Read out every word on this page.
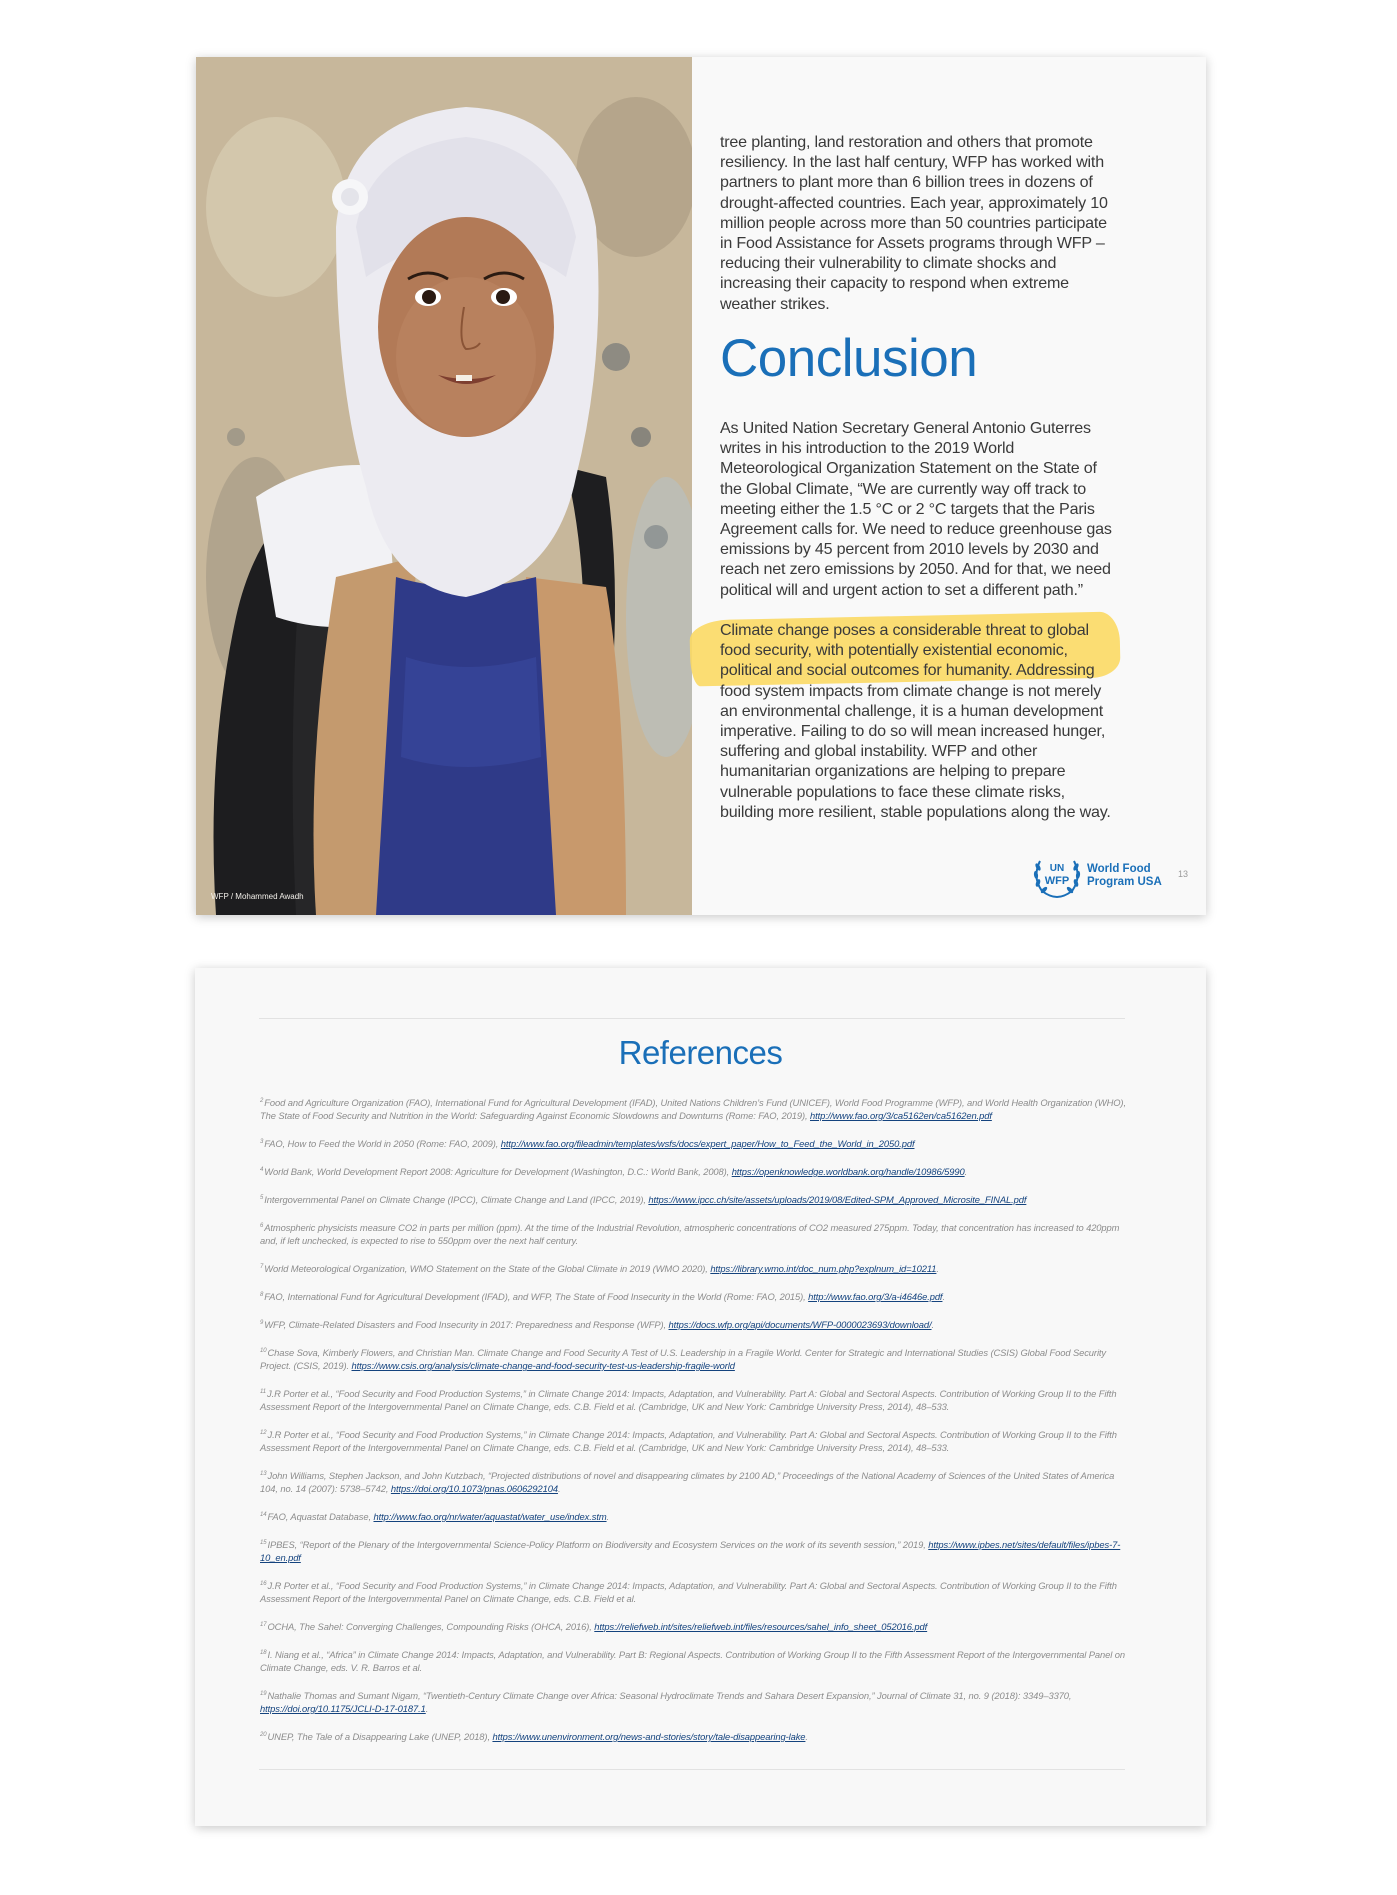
WFP / Mohammed Awadh

tree planting, land restoration and others that promote resiliency. In the last half century, WFP has worked with partners to plant more than 6 billion trees in dozens of drought-affected countries. Each year, approximately 10 million people across more than 50 countries participate in Food Assistance for Assets programs through WFP – reducing their vulnerability to climate shocks and increasing their capacity to respond when extreme weather strikes.

Conclusion

As United Nation Secretary General Antonio Guterres writes in his introduction to the 2019 World Meteorological Organization Statement on the State of the Global Climate, “We are currently way off track to meeting either the 1.5 °C or 2 °C targets that the Paris Agreement calls for. We need to reduce greenhouse gas emissions by 45 percent from 2010 levels by 2030 and reach net zero emissions by 2050. And for that, we need political will and urgent action to set a different path.”

Climate change poses a considerable threat to global food security, with potentially existential economic, political and social outcomes for humanity. Addressing food system impacts from climate change is not merely an environmental challenge, it is a human development imperative. Failing to do so will mean increased hunger, suffering and global instability. WFP and other humanitarian organizations are helping to prepare vulnerable populations to face these climate risks, building more resilient, stable populations along the way.

UN
WFP
World Food
Program USA
13
References
$^2$Food and Agriculture Organization (FAO), International Fund for Agricultural Development (IFAD), United Nations Children’s Fund (UNICEF), World Food Programme (WFP), and World Health Organization (WHO), The State of Food Security and Nutrition in the World: Safeguarding Against Economic Slowdowns and Downturns (Rome: FAO, 2019), http://www.fao.org/3/ca5162en/ca5162en.pdf
$^3$FAO, How to Feed the World in 2050 (Rome: FAO, 2009), http://www.fao.org/fileadmin/templates/wsfs/docs/expert_paper/How_to_Feed_the_World_in_2050.pdf
$^4$World Bank, World Development Report 2008: Agriculture for Development (Washington, D.C.: World Bank, 2008), https://openknowledge.worldbank.org/handle/10986/5990.
$^5$Intergovernmental Panel on Climate Change (IPCC), Climate Change and Land (IPCC, 2019), https://www.ipcc.ch/site/assets/uploads/2019/08/Edited-SPM_Approved_Microsite_FINAL.pdf
$^6$Atmospheric physicists measure CO2 in parts per million (ppm). At the time of the Industrial Revolution, atmospheric concentrations of CO2 measured 275ppm. Today, that concentration has increased to 420ppm and, if left unchecked, is expected to rise to 550ppm over the next half century.
$^7$World Meteorological Organization, WMO Statement on the State of the Global Climate in 2019 (WMO 2020), https://library.wmo.int/doc_num.php?explnum_id=10211.
$^8$FAO, International Fund for Agricultural Development (IFAD), and WFP, The State of Food Insecurity in the World (Rome: FAO, 2015), http://www.fao.org/3/a-i4646e.pdf.
$^9$WFP, Climate-Related Disasters and Food Insecurity in 2017: Preparedness and Response (WFP), https://docs.wfp.org/api/documents/WFP-0000023693/download/.
$^{10}$Chase Sova, Kimberly Flowers, and Christian Man. Climate Change and Food Security A Test of U.S. Leadership in a Fragile World. Center for Strategic and International Studies (CSIS) Global Food Security Project. (CSIS, 2019). https://www.csis.org/analysis/climate-change-and-food-security-test-us-leadership-fragile-world
$^{11}$J.R Porter et al., “Food Security and Food Production Systems,” in Climate Change 2014: Impacts, Adaptation, and Vulnerability. Part A: Global and Sectoral Aspects. Contribution of Working Group II to the Fifth Assessment Report of the Intergovernmental Panel on Climate Change, eds. C.B. Field et al. (Cambridge, UK and New York: Cambridge University Press, 2014), 48–533.
$^{12}$J.R Porter et al., “Food Security and Food Production Systems,” in Climate Change 2014: Impacts, Adaptation, and Vulnerability. Part A: Global and Sectoral Aspects. Contribution of Working Group II to the Fifth Assessment Report of the Intergovernmental Panel on Climate Change, eds. C.B. Field et al. (Cambridge, UK and New York: Cambridge University Press, 2014), 48–533.
$^{13}$John Williams, Stephen Jackson, and John Kutzbach, “Projected distributions of novel and disappearing climates by 2100 AD,” Proceedings of the National Academy of Sciences of the United States of America 104, no. 14 (2007): 5738–5742, https://doi.org/10.1073/pnas.0606292104.
$^{14}$FAO, Aquastat Database, http://www.fao.org/nr/water/aquastat/water_use/index.stm.
$^{15}$IPBES, “Report of the Plenary of the Intergovernmental Science-Policy Platform on Biodiversity and Ecosystem Services on the work of its seventh session,” 2019, https://www.ipbes.net/sites/default/files/ipbes-7-10_en.pdf
$^{16}$J.R Porter et al., “Food Security and Food Production Systems,” in Climate Change 2014: Impacts, Adaptation, and Vulnerability. Part A: Global and Sectoral Aspects. Contribution of Working Group II to the Fifth Assessment Report of the Intergovernmental Panel on Climate Change, eds. C.B. Field et al.
$^{17}$OCHA, The Sahel: Converging Challenges, Compounding Risks (OHCA, 2016), https://reliefweb.int/sites/reliefweb.int/files/resources/sahel_info_sheet_052016.pdf
$^{18}$I. Niang et al., “Africa” in Climate Change 2014: Impacts, Adaptation, and Vulnerability. Part B: Regional Aspects. Contribution of Working Group II to the Fifth Assessment Report of the Intergovernmental Panel on Climate Change, eds. V. R. Barros et al.
$^{19}$Nathalie Thomas and Sumant Nigam, “Twentieth-Century Climate Change over Africa: Seasonal Hydroclimate Trends and Sahara Desert Expansion,” Journal of Climate 31, no. 9 (2018): 3349–3370, https://doi.org/10.1175/JCLI-D-17-0187.1.
$^{20}$UNEP, The Tale of a Disappearing Lake (UNEP, 2018), https://www.unenvironment.org/news-and-stories/story/tale-disappearing-lake.
